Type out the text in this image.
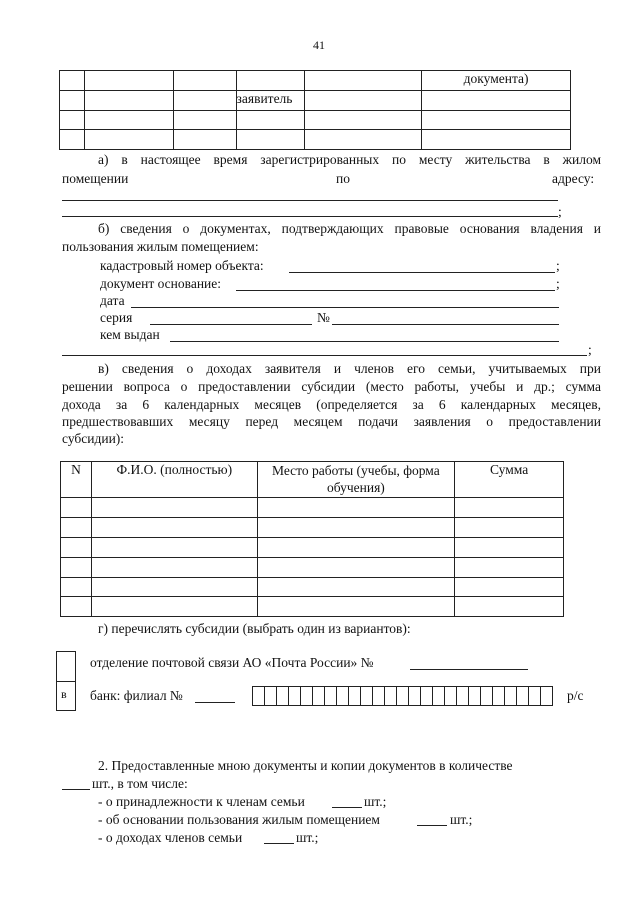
41
					документа)
			заявитель		

а) в настоящее время зарегистрированных по месту жительства в жилом
помещении	по	адресу:
;
б) сведения о документах, подтверждающих правовые основания владения и
пользования жилым помещением:
кадастровый номер объекта:	;
документ основание:	;
дата
серия	№
кем выдан
;
в) сведения о доходах заявителя и членов его семьи, учитываемых при
решении вопроса о предоставлении субсидии (место работы, учебы и др.; сумма
дохода за 6 календарных месяцев (определяется за 6 календарных месяцев,
предшествовавших месяцу перед месяцем подачи заявления о предоставлении
субсидии):
N	Ф.И.О. (полностью)	Место работы (учебы, форма обучения)	Сумма

г) перечислять субсидии (выбрать один из вариантов):
в
отделение почтовой связи АО «Почта России» №
банк: филиал №	р/с
2. Предоставленные мною документы и копии документов в количестве
шт., в том числе:
- о принадлежности к членам семьи	шт.;
- об основании пользования жилым помещением	шт.;
- о доходах членов семьи	шт.;
